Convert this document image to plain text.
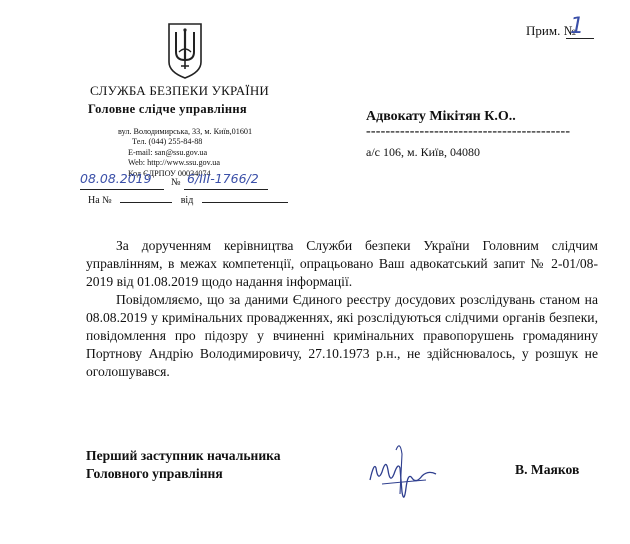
СЛУЖБА БЕЗПЕКИ УКРАЇНИ
Головне слідче управління
вул. Володимирська, 33, м. Київ,01601
Тел. (044) 255-84-88
E-mail: san@ssu.gov.ua
Web: http://www.ssu.gov.ua
Код ЄДРПОУ 00034074
08.08.2019 № 6/ІІІ-1766/2
На №	від
Прим. №
1
Адвокату Мікітян К.О..
------------------------------------------
а/с 106, м. Київ, 04080
За дорученням керівництва Служби безпеки України Головним слідчим управлінням, в межах компетенції, опрацьовано Ваш адвокатський запит № 2-01/08-2019 від 01.08.2019 щодо надання інформації.
Повідомляємо, що за даними Єдиного реєстру досудових розслідувань станом на 08.08.2019 у кримінальних провадженнях, які розслідуються слідчими органів безпеки, повідомлення про підозру у вчиненні кримінальних правопорушень громадянину Портнову Андрію Володимировичу, 27.10.1973 р.н., не здійснювалось, у розшук не оголошувався.
Перший заступник начальника
Головного управління	В. Маяков
